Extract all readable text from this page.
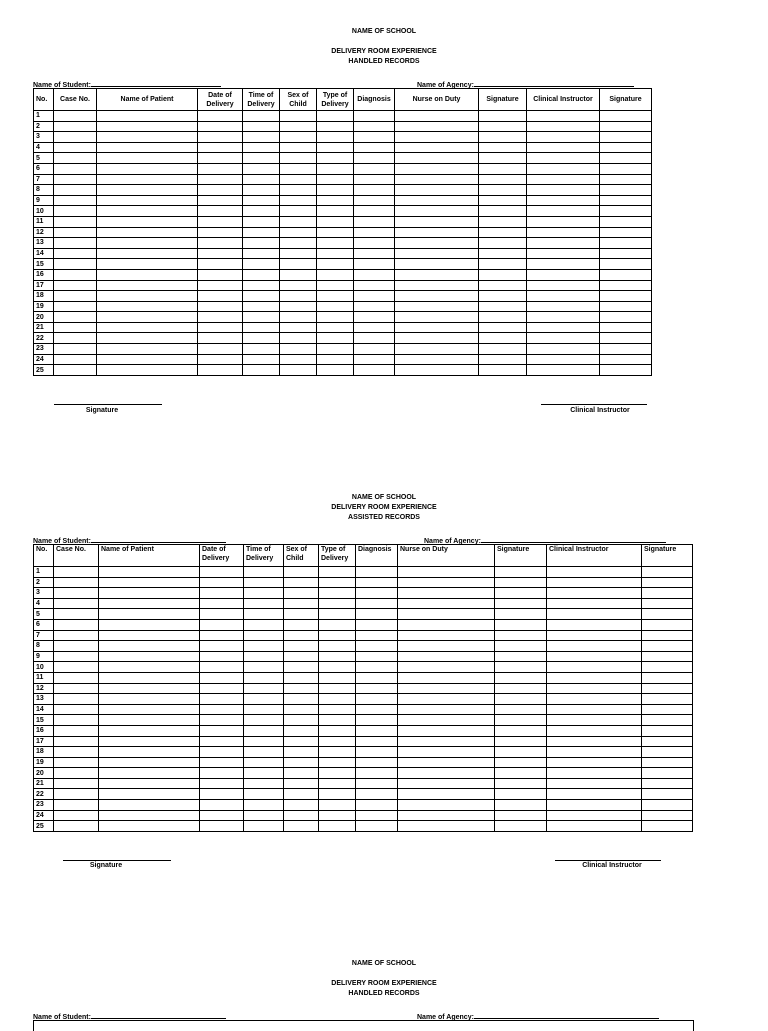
NAME OF SCHOOL
DELIVERY ROOM EXPERIENCE
HANDLED RECORDS
Name of Student:	Name of Agency:
No.	Case No.	Name of Patient	Date of Delivery	Time of Delivery	Sex of Child	Type of Delivery	Diagnosis	Nurse on Duty	Signature	Clinical Instructor	Signature
1											
2											
3											
4											
5											
6											
7											
8											
9											
10											
11											
12											
13											
14											
15											
16											
17											
18											
19											
20											
21											
22											
23											
24											
25											
Signature	Clinical Instructor
NAME OF SCHOOL
DELIVERY ROOM EXPERIENCE
ASSISTED RECORDS
Name of Student:	Name of Agency:
No.	Case No.	Name of Patient	Date of Delivery	Time of Delivery	Sex of Child	Type of Delivery	Diagnosis	Nurse on Duty	Signature	Clinical Instructor	Signature
1											
2											
3											
4											
5											
6											
7											
8											
9											
10											
11											
12											
13											
14											
15											
16											
17											
18											
19											
20											
21											
22											
23											
24											
25											
Signature	Clinical Instructor
NAME OF SCHOOL
DELIVERY ROOM EXPERIENCE
HANDLED RECORDS
Name of Student:	Name of Agency:
